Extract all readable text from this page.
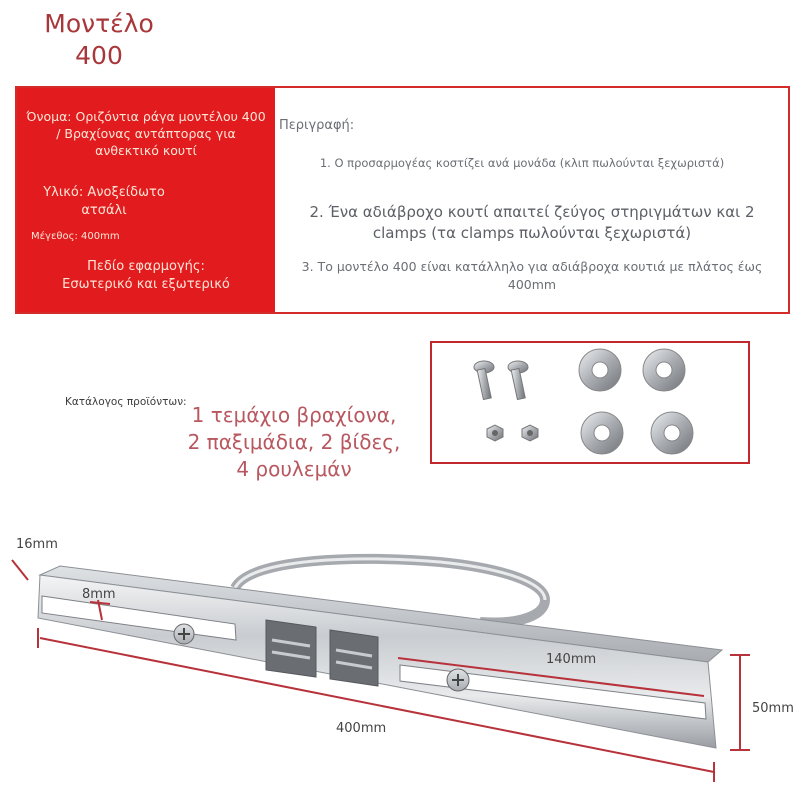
Μοντέλο
400
Όνομα: Οριζόντια ράγα μοντέλου 400 / Βραχίονας αντάπτορας για ανθεκτικό κουτί
Υλικό: Ανοξείδωτο
ατσάλι
Μέγεθος: 400mm
Πεδίο εφαρμογής:
Εσωτερικό και εξωτερικό
Περιγραφή:
1. Ο προσαρμογέας κοστίζει ανά μονάδα (κλιπ πωλούνται ξεχωριστά)
2. Ένα αδιάβροχο κουτί απαιτεί ζεύγος στηριγμάτων και 2 clamps (τα clamps πωλούνται ξεχωριστά)
3. Το μοντέλο 400 είναι κατάλληλο για αδιάβροχα κουτιά με πλάτος έως 400mm
Κατάλογος προϊόντων:
1 τεμάχιο βραχίονα, 2 παξιμάδια, 2 βίδες, 4 ρουλεμάν
16mm
8mm
140mm
400mm
50mm
